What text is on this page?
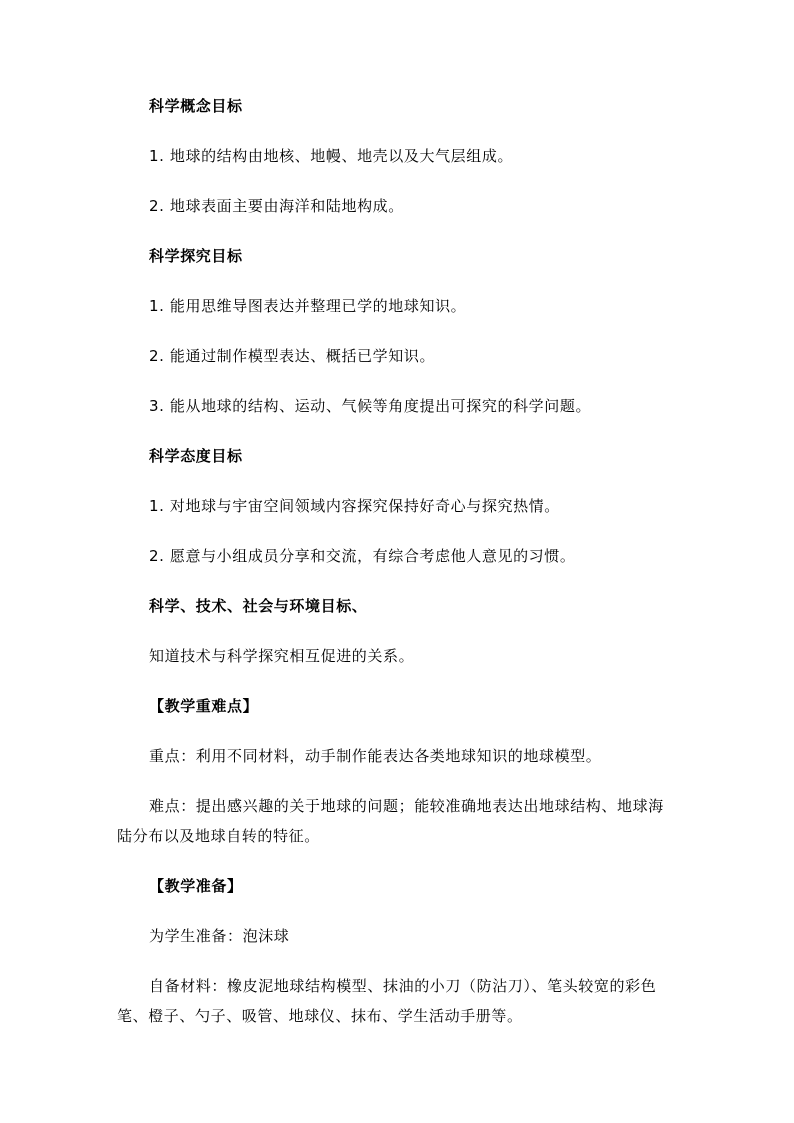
科学概念目标
1. 地球的结构由地核、地幔、地壳以及大气层组成。
2. 地球表面主要由海洋和陆地构成。
科学探究目标
1. 能用思维导图表达并整理已学的地球知识。
2. 能通过制作模型表达、概括已学知识。
3. 能从地球的结构、运动、气候等角度提出可探究的科学问题。
科学态度目标
1. 对地球与宇宙空间领域内容探究保持好奇心与探究热情。
2. 愿意与小组成员分享和交流，有综合考虑他人意见的习惯。
科学、技术、社会与环境目标、
知道技术与科学探究相互促进的关系。
【教学重难点】
重点：利用不同材料，动手制作能表达各类地球知识的地球模型。
难点：提出感兴趣的关于地球的问题；能较准确地表达出地球结构、地球海
陆分布以及地球自转的特征。
【教学准备】
为学生准备：泡沫球
自备材料：橡皮泥地球结构模型、抹油的小刀（防沾刀）、笔头较宽的彩色
笔、橙子、勺子、吸管、地球仪、抹布、学生活动手册等。
